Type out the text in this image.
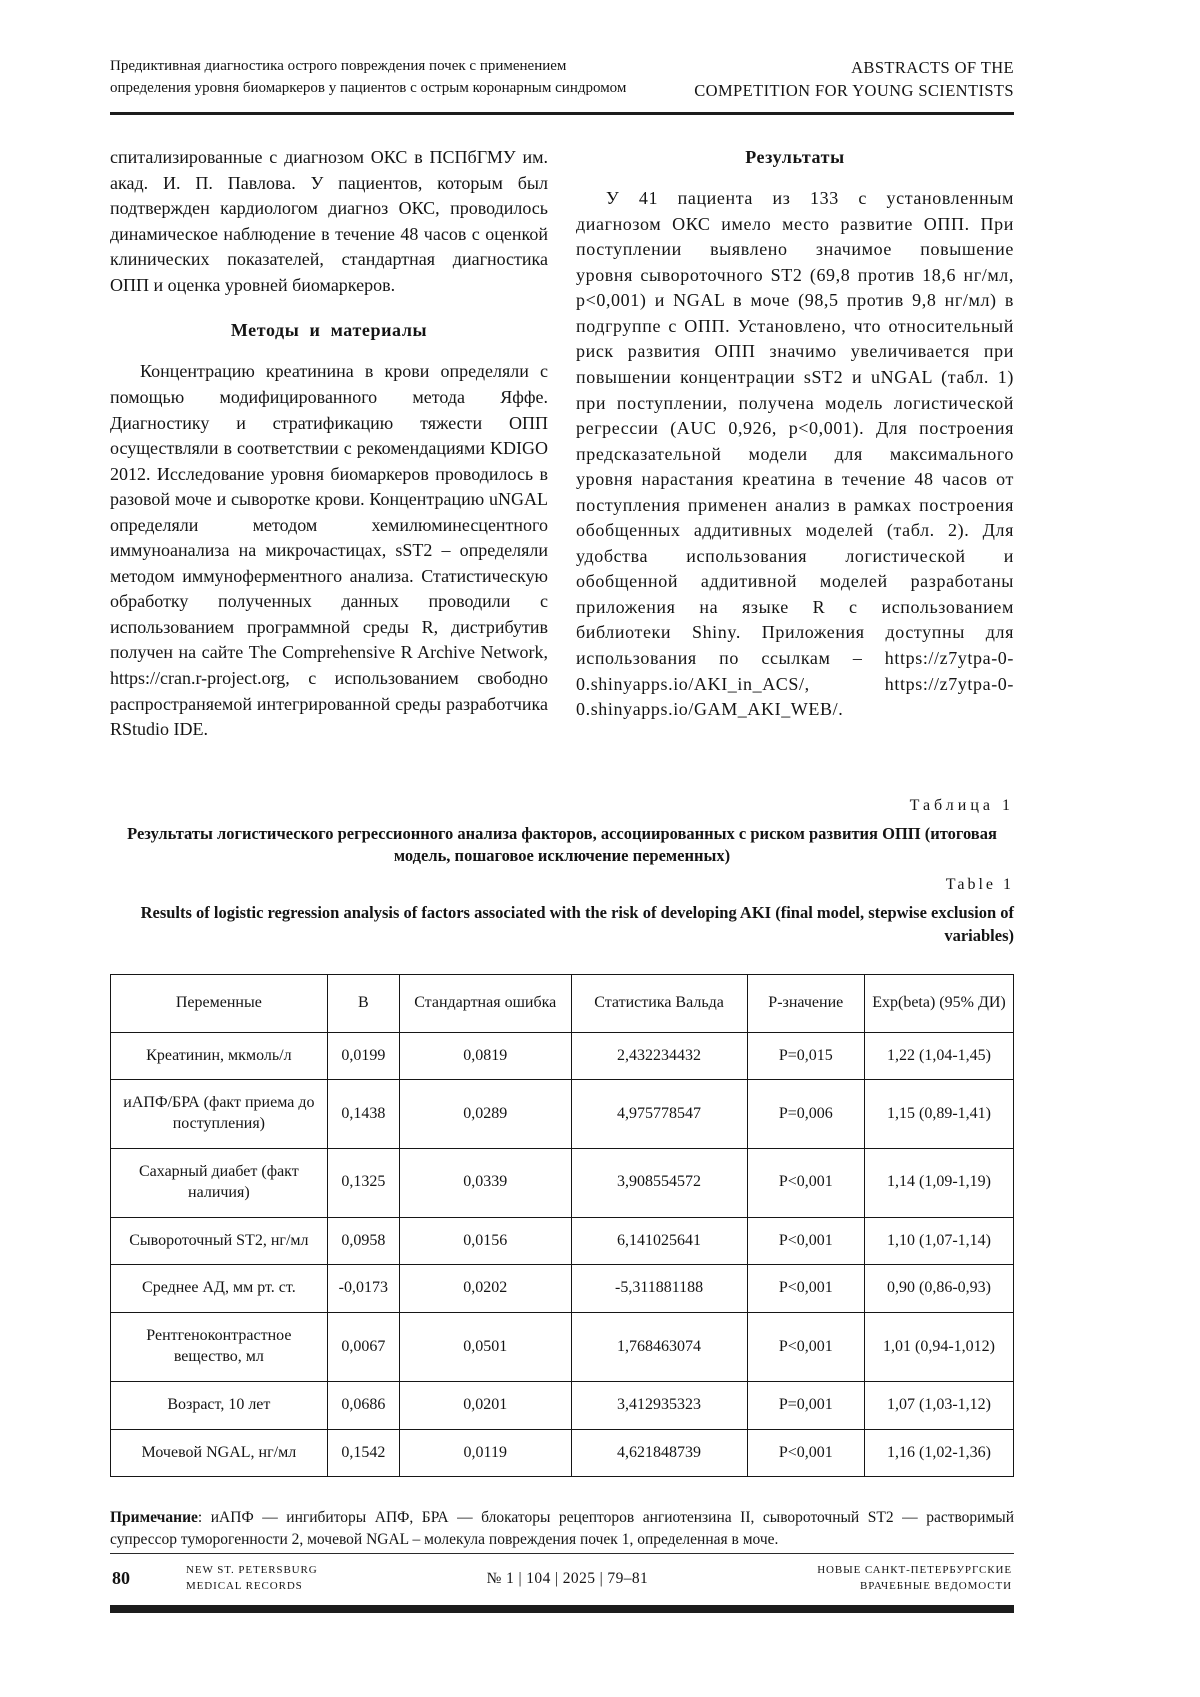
Предиктивная диагностика острого повреждения почек с применением
определения уровня биомаркеров у пациентов с острым коронарным синдромом
ABSTRACTS OF THE
COMPETITION FOR YOUNG SCIENTISTS

спитализированные с диагнозом ОКС в ПСПбГМУ им. акад. И. П. Павлова. У пациентов, которым был подтвержден кардиологом диагноз ОКС, проводилось динамическое наблюдение в течение 48 часов с оценкой клинических показателей, стандартная диагностика ОПП и оценка уровней биомаркеров.

Методы и материалы

Концентрацию креатинина в крови определяли с помощью модифицированного метода Яффе. Диагностику и стратификацию тяжести ОПП осуществляли в соответствии с рекомендациями KDIGO 2012. Исследование уровня биомаркеров проводилось в разовой моче и сыворотке крови. Концентрацию uNGAL определяли методом хемилюминесцентного иммуноанализа на микрочастицах, sST2 – определяли методом иммуноферментного анализа. Статистическую обработку полученных данных проводили с использованием программной среды R, дистрибутив получен на сайте The Comprehensive R Archive Network, https://cran.r-project.org, с использованием свободно распространяемой интегрированной среды разработчика RStudio IDE.

Результаты

У 41 пациента из 133 с установленным диагнозом ОКС имело место развитие ОПП. При поступлении выявлено значимое повышение уровня сывороточного ST2 (69,8 против 18,6 нг/мл, p<0,001) и NGAL в моче (98,5 против 9,8 нг/мл) в подгруппе с ОПП. Установлено, что относительный риск развития ОПП значимо увеличивается при повышении концентрации sST2 и uNGAL (табл. 1) при поступлении, получена модель логистической регрессии (AUC 0,926, p<0,001). Для построения предсказательной модели для максимального уровня нарастания креатина в течение 48 часов от поступления применен анализ в рамках построения обобщенных аддитивных моделей (табл. 2). Для удобства использования логистической и обобщенной аддитивной моделей разработаны приложения на языке R с использованием библиотеки Shiny. Приложения доступны для использования по ссылкам – https://z7ytpa-0-0.shinyapps.io/AKI_in_ACS/, https://z7ytpa-0-0.shinyapps.io/GAM_AKI_WEB/.

Таблица 1
Результаты логистического регрессионного анализа факторов, ассоциированных с риском развития ОПП (итоговая модель, пошаговое исключение переменных)
Table 1
Results of logistic regression analysis of factors associated with the risk of developing AKI (final model, stepwise exclusion of variables)
Переменные	B	Стандартная ошибка	Статистика Вальда	P-значение	Exp(beta) (95% ДИ)
Креатинин, мкмоль/л	0,0199	0,0819	2,432234432	P=0,015	1,22 (1,04-1,45)
иАПФ/БРА (факт приема до поступления)	0,1438	0,0289	4,975778547	P=0,006	1,15 (0,89-1,41)
Сахарный диабет (факт наличия)	0,1325	0,0339	3,908554572	P<0,001	1,14 (1,09-1,19)
Сывороточный ST2, нг/мл	0,0958	0,0156	6,141025641	P<0,001	1,10 (1,07-1,14)
Среднее АД, мм рт. ст.	-0,0173	0,0202	-5,311881188	P<0,001	0,90 (0,86-0,93)
Рентгеноконтрастное вещество, мл	0,0067	0,0501	1,768463074	P<0,001	1,01 (0,94-1,012)
Возраст, 10 лет	0,0686	0,0201	3,412935323	P=0,001	1,07 (1,03-1,12)
Мочевой NGAL, нг/мл	0,1542	0,0119	4,621848739	P<0,001	1,16 (1,02-1,36)

Примечание: иАПФ — ингибиторы АПФ, БРА — блокаторы рецепторов ангиотензина II, сывороточный ST2 — растворимый супрессор туморогенности 2, мочевой NGAL – молекула повреждения почек 1, определенная в моче.

80	NEW ST. PETERSBURG
MEDICAL RECORDS	№ 1 | 104 | 2025 | 79–81	НОВЫЕ САНКТ-ПЕТЕРБУРГСКИЕ
ВРАЧЕБНЫЕ ВЕДОМОСТИ
